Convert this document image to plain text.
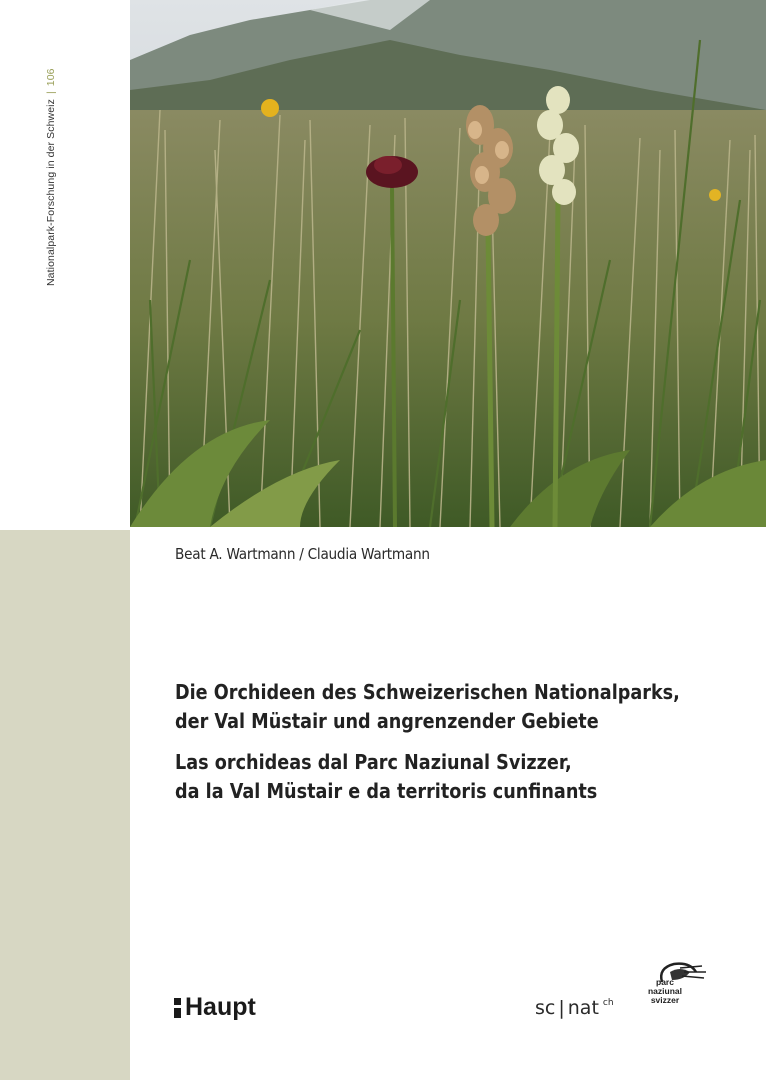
Nationalpark-Forschung in der Schweiz|106
Beat A. Wartmann / Claudia Wartmann
Die Orchideen des Schweizerischen Nationalparks,
der Val Müstair und angrenzender Gebiete
Las orchideas dal Parc Naziunal Svizzer,
da la Val Müstair e da territoris cunfinants
Haupt	sc | nat $^{ch}$
parc
naziunal
svizzer
